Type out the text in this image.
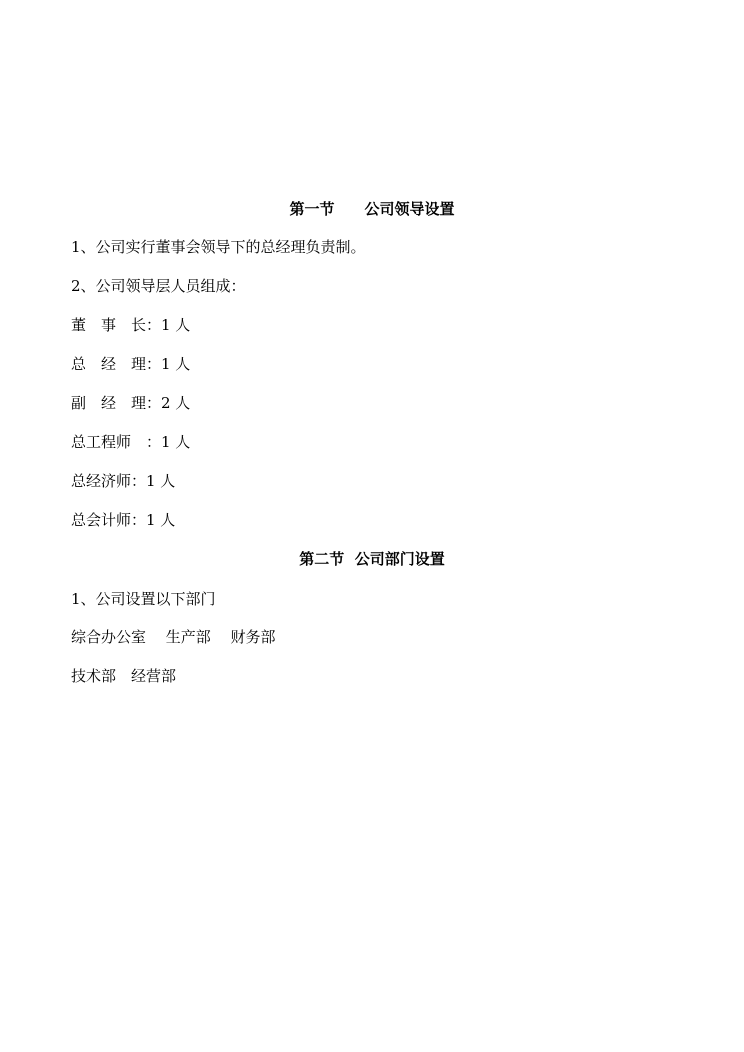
第一节　　公司领导设置
1、公司实行董事会领导下的总经理负责制。
2、公司领导层人员组成：
董　事　长：1 人
总　经　理：1 人
副　经　理：2 人
总工程师　：1 人
总经济师：1 人
总会计师：1 人
第二节  公司部门设置
1、公司设置以下部门
综合办公室　 生产部　 财务部
技术部　经营部
